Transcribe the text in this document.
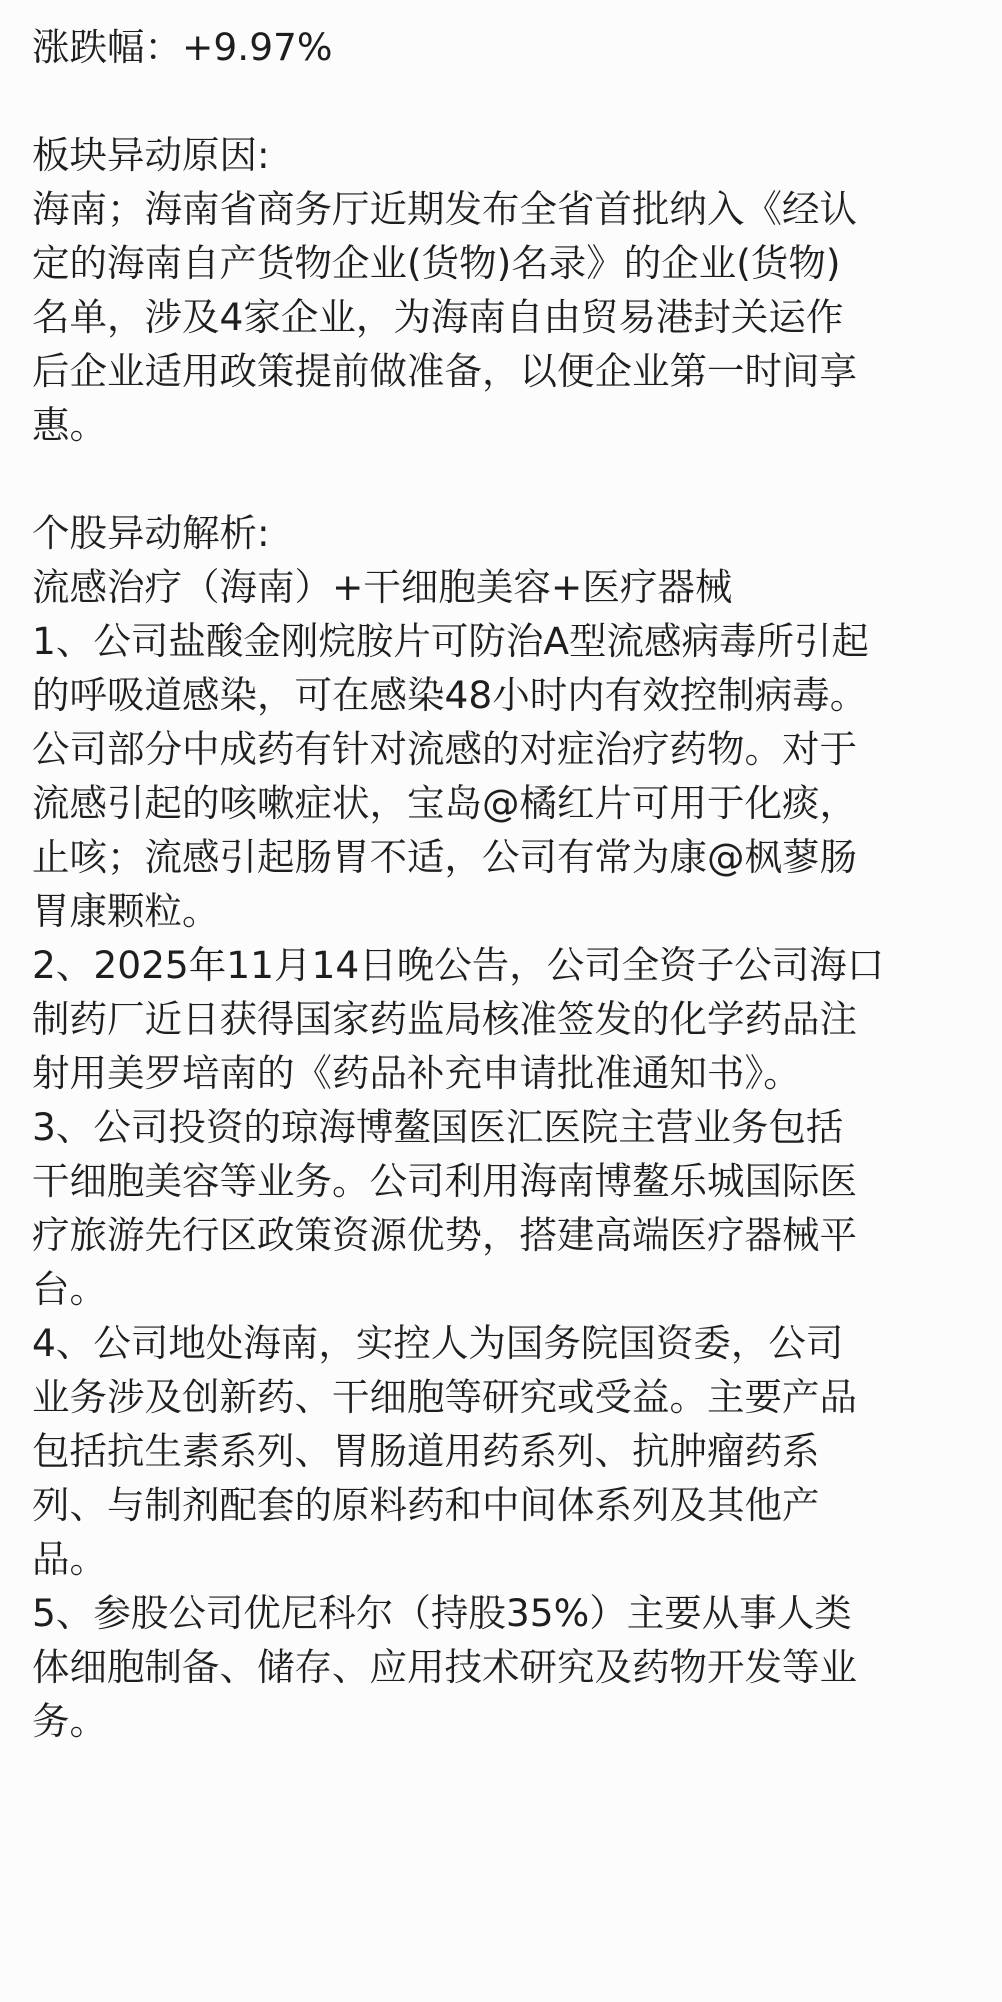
涨跌幅：+9.97%
板块异动原因:
海南；海南省商务厅近期发布全省首批纳入《经认
定的海南自产货物企业(货物)名录》的企业(货物)
名单，涉及4家企业，为海南自由贸易港封关运作
后企业适用政策提前做准备，以便企业第一时间享
惠。
个股异动解析:
流感治疗（海南）+干细胞美容+医疗器械
1、公司盐酸金刚烷胺片可防治A型流感病毒所引起
的呼吸道感染，可在感染48小时内有效控制病毒。
公司部分中成药有针对流感的对症治疗药物。对于
流感引起的咳嗽症状，宝岛@橘红片可用于化痰，
止咳；流感引起肠胃不适，公司有常为康@枫蓼肠
胃康颗粒。
2、2025年11月14日晚公告，公司全资子公司海口
制药厂近日获得国家药监局核准签发的化学药品注
射用美罗培南的《药品补充申请批准通知书》。
3、公司投资的琼海博鳌国医汇医院主营业务包括
干细胞美容等业务。公司利用海南博鳌乐城国际医
疗旅游先行区政策资源优势，搭建高端医疗器械平
台。
4、公司地处海南，实控人为国务院国资委，公司
业务涉及创新药、干细胞等研究或受益。主要产品
包括抗生素系列、胃肠道用药系列、抗肿瘤药系
列、与制剂配套的原料药和中间体系列及其他产
品。
5、参股公司优尼科尔（持股35%）主要从事人类
体细胞制备、储存、应用技术研究及药物开发等业
务。
